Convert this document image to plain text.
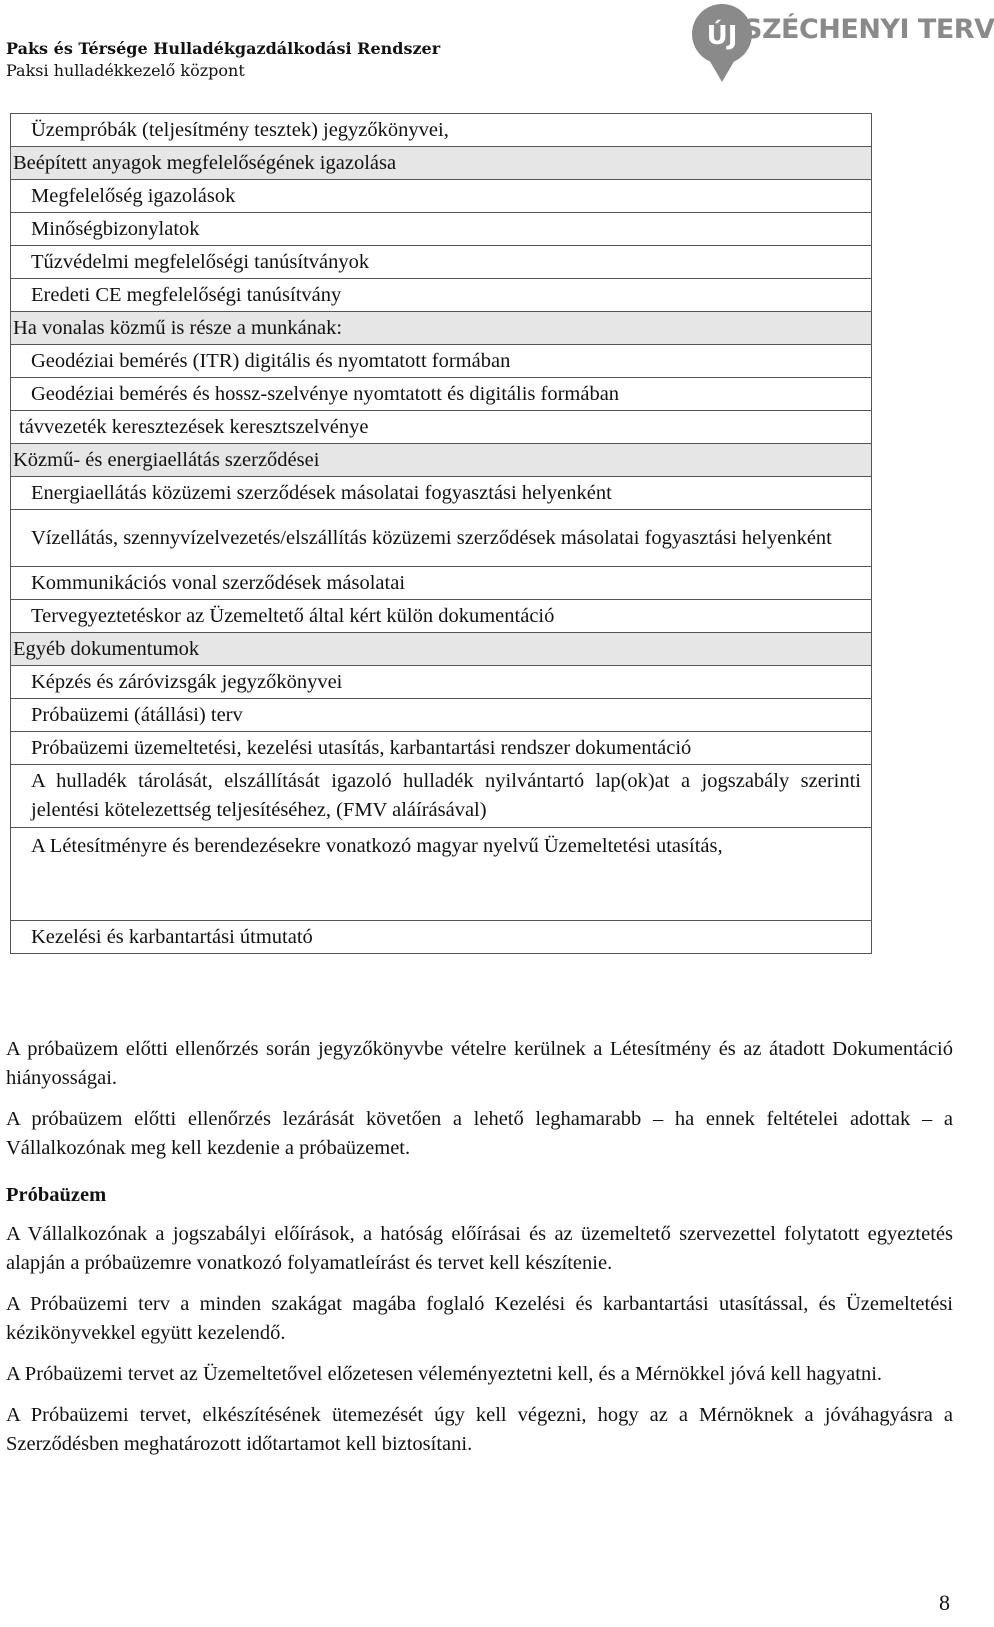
Paks és Térsége Hulladékgazdálkodási Rendszer
Paksi hulladékkezelő központ
ÚJ SZÉCHENYI TERV
Üzempróbák (teljesítmény tesztek) jegyzőkönyvei,
Beépített anyagok megfelelőségének igazolása
Megfelelőség igazolások
Minőségbizonylatok
Tűzvédelmi megfelelőségi tanúsítványok
Eredeti CE megfelelőségi tanúsítvány
Ha vonalas közmű is része a munkának:
Geodéziai bemérés (ITR) digitális és nyomtatott formában
Geodéziai bemérés és hossz-szelvénye nyomtatott és digitális formában
távvezeték keresztezések keresztszelvénye
Közmű- és energiaellátás szerződései
Energiaellátás közüzemi szerződések másolatai fogyasztási helyenként
Vízellátás, szennyvízelvezetés/elszállítás közüzemi szerződések másolatai fogyasztási helyenként
Kommunikációs vonal szerződések másolatai
Tervegyeztetéskor az Üzemeltető által kért külön dokumentáció
Egyéb dokumentumok
Képzés és záróvizsgák jegyzőkönyvei
Próbaüzemi (átállási) terv
Próbaüzemi üzemeltetési, kezelési utasítás, karbantartási rendszer dokumentáció
A hulladék tárolását, elszállítását igazoló hulladék nyilvántartó lap(ok)at a jogszabály szerinti jelentési kötelezettség teljesítéséhez, (FMV aláírásával)
A Létesítményre és berendezésekre vonatkozó magyar nyelvű Üzemeltetési utasítás,
Kezelési és karbantartási útmutató

A próbaüzem előtti ellenőrzés során jegyzőkönyvbe vételre kerülnek a Létesítmény és az átadott Dokumentáció hiányosságai.

A próbaüzem előtti ellenőrzés lezárását követően a lehető leghamarabb – ha ennek feltételei adottak – a Vállalkozónak meg kell kezdenie a próbaüzemet.

Próbaüzem

A Vállalkozónak a jogszabályi előírások, a hatóság előírásai és az üzemeltető szervezettel folytatott egyeztetés alapján a próbaüzemre vonatkozó folyamatleírást és tervet kell készítenie.

A Próbaüzemi terv a minden szakágat magába foglaló Kezelési és karbantartási utasítással, és Üzemeltetési kézikönyvekkel együtt kezelendő.

A Próbaüzemi tervet az Üzemeltetővel előzetesen véleményeztetni kell, és a Mérnökkel jóvá kell hagyatni.

A Próbaüzemi tervet, elkészítésének ütemezését úgy kell végezni, hogy az a Mérnöknek a jóváhagyásra a Szerződésben meghatározott időtartamot kell biztosítani.

8
